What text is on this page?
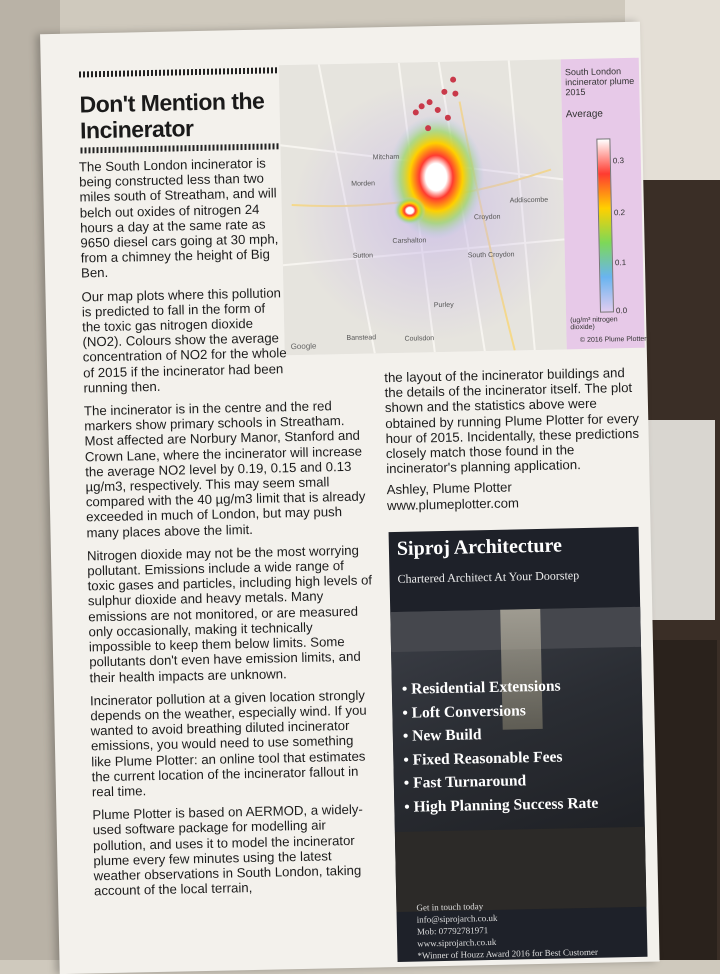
Don't Mention the
Incinerator
Mitcham
Morden
Croydon
Sutton	South Croydon
Purley
Coulsdon
Addiscombe
Carshalton
Banstead
Google
South London incinerator plume 2015
Average
0.3
0.2
0.1
0.0
(ug/m³ nitrogen dioxide)
© 2016 Plume Plotter

The South London incinerator is being constructed less than two miles south of Streatham, and will belch out oxides of nitrogen 24 hours a day at the same rate as 9650 diesel cars going at 30 mph, from a chimney the height of Big Ben.

Our map plots where this pollution is predicted to fall in the form of the toxic gas nitrogen dioxide (NO2). Colours show the average concentration of NO2 for the whole of 2015 if the incinerator had been running then.

The incinerator is in the centre and the red markers show primary schools in Streatham. Most affected are Norbury Manor, Stanford and Crown Lane, where the incinerator will increase the average NO2 level by 0.19, 0.15 and 0.13 µg/m3, respectively. This may seem small compared with the 40 µg/m3 limit that is already exceeded in much of London, but may push many places above the limit.

Nitrogen dioxide may not be the most worrying pollutant. Emissions include a wide range of toxic gases and particles, including high levels of sulphur dioxide and heavy metals. Many emissions are not monitored, or are measured only occasionally, making it technically impossible to keep them below limits. Some pollutants don't even have emission limits, and their health impacts are unknown.

Incinerator pollution at a given location strongly depends on the weather, especially wind. If you wanted to avoid breathing diluted incinerator emissions, you would need to use something like Plume Plotter: an online tool that estimates the current location of the incinerator fallout in real time.

Plume Plotter is based on AERMOD, a widely-used software package for modelling air pollution, and uses it to model the incinerator plume every few minutes using the latest weather observations in South London, taking account of the local terrain,

the layout of the incinerator buildings and the details of the incinerator itself. The plot shown and the statistics above were obtained by running Plume Plotter for every hour of 2015. Incidentally, these predictions closely match those found in the incinerator's planning application.

Ashley, Plume Plotter
www.plumeplotter.com
Siproj Architecture
Chartered Architect At Your Doorstep
• Residential Extensions
• Loft Conversions
• New Build
• Fixed Reasonable Fees
• Fast Turnaround
• High Planning Success Rate
Get in touch today
info@siprojarch.co.uk
Mob: 07792781971
www.siprojarch.co.uk
*Winner of Houzz Award 2016 for Best Customer
